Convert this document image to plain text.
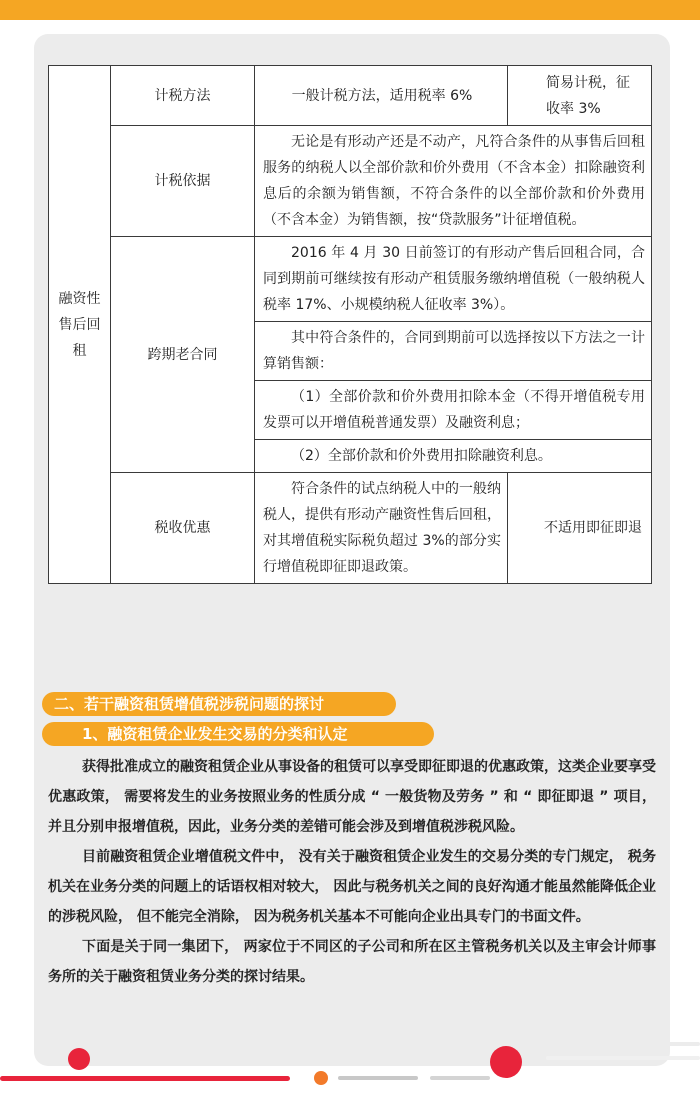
融资性售后回租	计税方法	一般计税方法，适用税率 6%	简易计税，征收率 3%
	计税依据	无论是有形动产还是不动产，凡符合条件的从事售后回租服务的纳税人以全部价款和价外费用（不含本金）扣除融资利息后的余额为销售额，不符合条件的以全部价款和价外费用（不含本金）为销售额，按“贷款服务”计征增值税。	
	跨期老合同	2016 年 4 月 30 日前签订的有形动产售后回租合同，合同到期前可继续按有形动产租赁服务缴纳增值税（一般纳税人税率 17%、小规模纳税人征收率 3%）。	
		其中符合条件的，合同到期前可以选择按以下方法之一计算销售额：	
		（1）全部价款和价外费用扣除本金（不得开增值税专用发票可以开增值税普通发票）及融资利息；	
		（2）全部价款和价外费用扣除融资利息。	
	税收优惠	符合条件的试点纳税人中的一般纳税人，提供有形动产融资性售后回租，对其增值税实际税负超过 3%的部分实行增值税即征即退政策。	不适用即征即退
二、若干融资租赁增值税涉税问题的探讨
1、融资租赁企业发生交易的分类和认定

获得批准成立的融资租赁企业从事设备的租赁可以享受即征即退的优惠政策，这类企业要享受优惠政策， 需要将发生的业务按照业务的性质分成 “ 一般货物及劳务 ” 和 “ 即征即退 ” 项目，并且分别申报增值税，因此，业务分类的差错可能会涉及到增值税涉税风险。

目前融资租赁企业增值税文件中， 没有关于融资租赁企业发生的交易分类的专门规定， 税务机关在业务分类的问题上的话语权相对较大， 因此与税务机关之间的良好沟通才能虽然能降低企业的涉税风险， 但不能完全消除， 因为税务机关基本不可能向企业出具专门的书面文件。

下面是关于同一集团下， 两家位于不同区的子公司和所在区主管税务机关以及主审会计师事务所的关于融资租赁业务分类的探讨结果。
